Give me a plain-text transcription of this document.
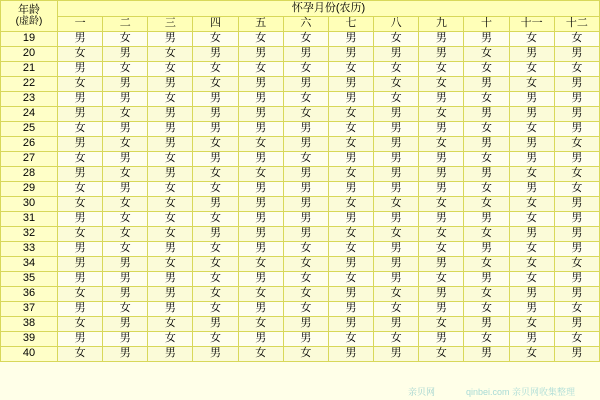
年龄
(虚龄)	怀孕月份(农历)											
	一	二	三	四	五	六	七	八	九	十	十一	十二
19	男	女	男	女	女	女	男	女	男	男	女	女
20	女	男	女	男	男	男	男	男	男	女	男	男
21	男	女	女	女	女	女	女	女	女	女	女	女
22	女	男	男	女	男	男	男	女	女	男	女	男
23	男	男	女	男	男	女	男	女	男	女	男	男
24	男	女	男	男	男	女	女	男	女	男	男	男
25	女	男	男	男	男	男	女	男	男	女	女	男
26	男	女	男	女	女	男	女	男	女	男	男	女
27	女	男	女	男	男	女	男	男	男	女	男	男
28	男	女	男	女	女	男	女	男	男	男	女	女
29	女	男	女	女	男	男	男	男	男	女	男	女
30	女	女	女	男	男	男	女	女	女	女	女	男
31	男	女	女	女	男	男	男	男	男	男	女	男
32	女	女	女	男	男	男	女	女	女	女	男	男
33	男	女	男	女	男	女	女	男	女	男	女	男
34	男	男	女	女	女	女	男	男	男	女	女	女
35	男	男	男	女	男	女	女	男	女	男	女	男
36	女	男	男	女	女	女	男	女	男	女	男	男
37	男	女	男	女	男	女	男	女	男	女	男	女
38	女	男	女	男	女	男	男	男	女	男	女	男
39	男	男	女	女	男	男	女	女	男	女	男	女
40	女	男	男	男	女	女	男	男	女	男	女	男
亲贝网	qinbei.com 亲贝网收集整理
